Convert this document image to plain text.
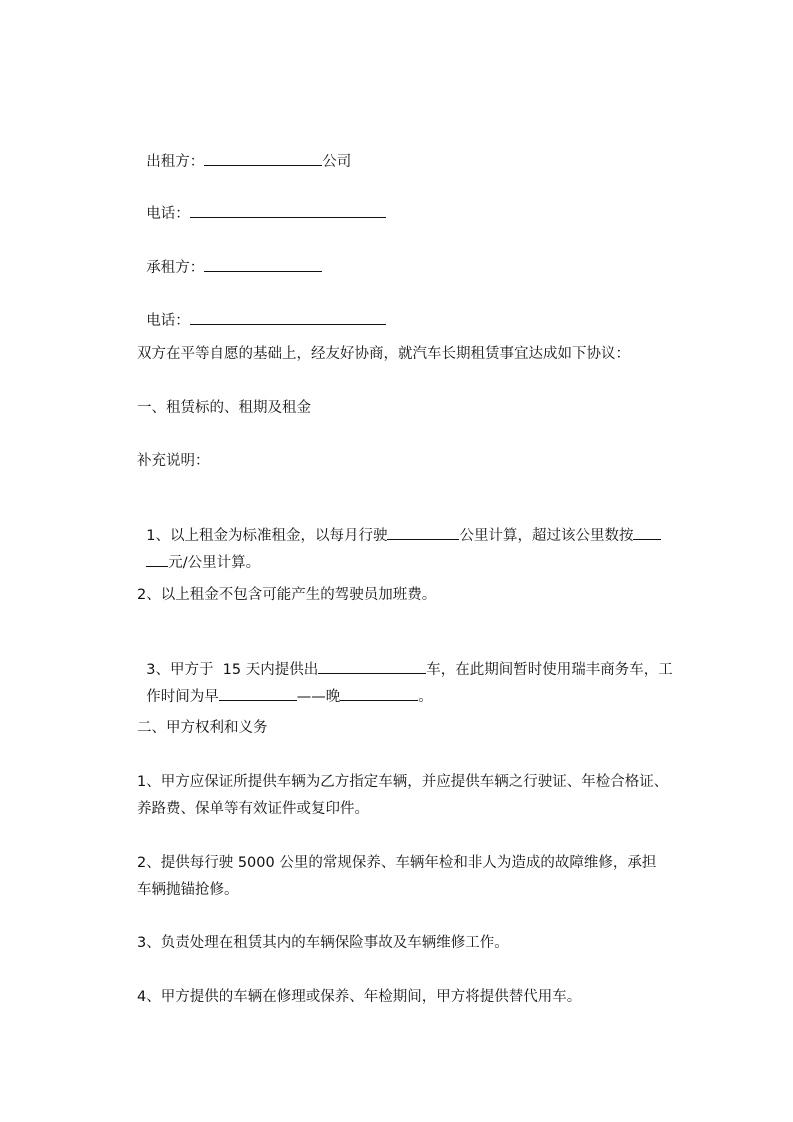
出租方：	公司

电话：

承租方：

电话：

双方在平等自愿的基础上，经友好协商，就汽车长期租赁事宜达成如下协议：

一、租赁标的、租期及租金

补充说明：

1、以上租金为标准租金，以每月行驶	公里计算，超过该公里数按

元/公里计算。

2、以上租金不包含可能产生的驾驶员加班费。

3、甲方于  15 天内提供出	车，在此期间暂时使用瑞丰商务车，工

作时间为早	——晚	。

二、甲方权利和义务

1、甲方应保证所提供车辆为乙方指定车辆，并应提供车辆之行驶证、年检合格证、

养路费、保单等有效证件或复印件。

2、提供每行驶 5000 公里的常规保养、车辆年检和非人为造成的故障维修，承担

车辆抛锚抢修。

3、负责处理在租赁其内的车辆保险事故及车辆维修工作。

4、甲方提供的车辆在修理或保养、年检期间，甲方将提供替代用车。
